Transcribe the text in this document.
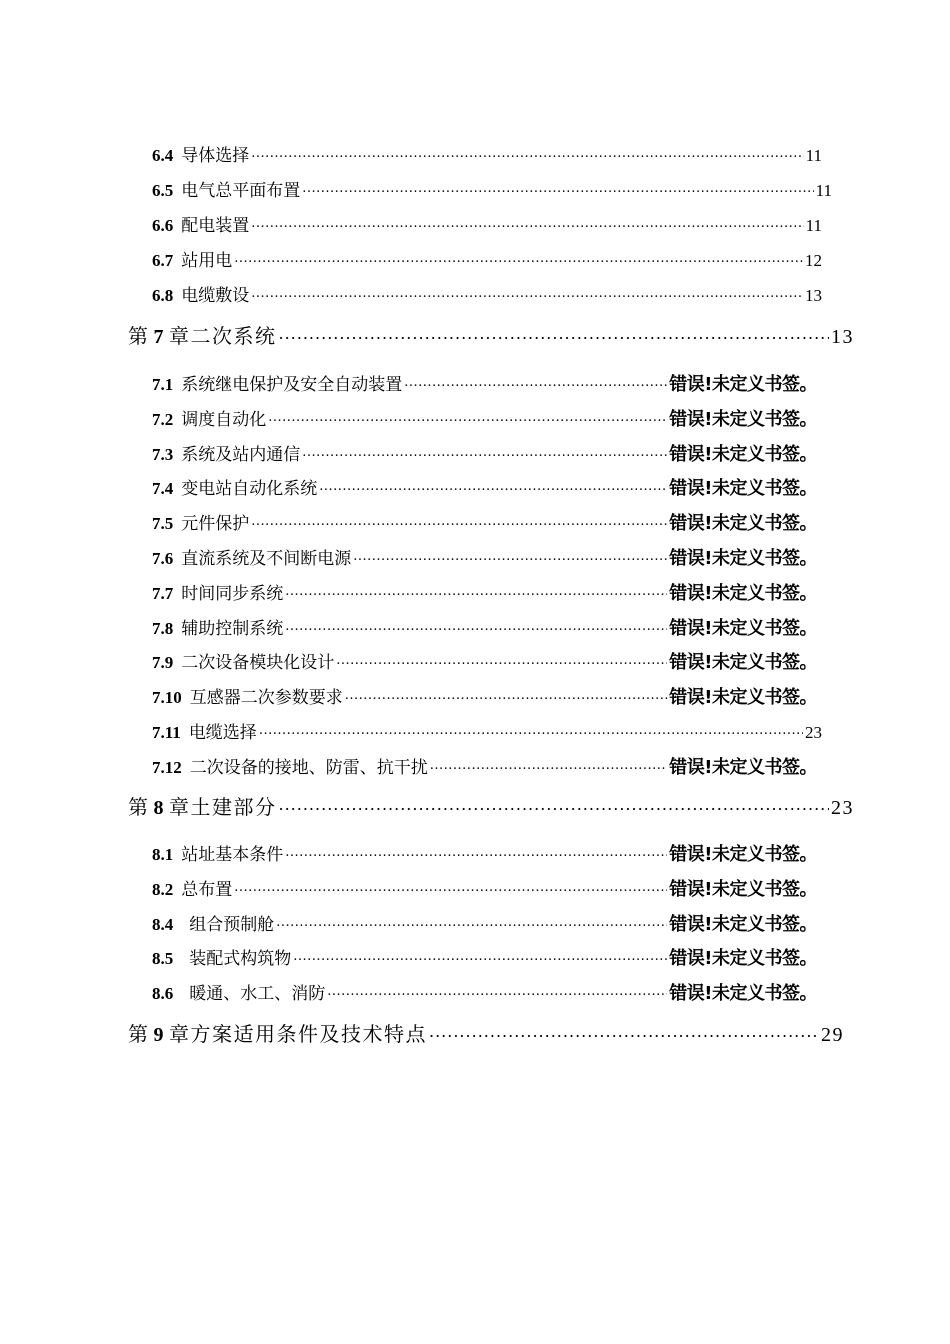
6.4 导体选择 .....	11
6.5 电气总平面布置 .....	11
6.6 配电装置 .....	11
6.7 站用电 .....	12
6.8 电缆敷设 .....	13
第 7 章二次系统 .....	13
7.1 系统继电保护及安全自动装置 .....	错误!未定义书签。
7.2 调度自动化 .....	错误!未定义书签。
7.3 系统及站内通信 .....	错误!未定义书签。
7.4 变电站自动化系统 .....	错误!未定义书签。
7.5 元件保护 .....	错误!未定义书签。
7.6 直流系统及不间断电源 .....	错误!未定义书签。
7.7 时间同步系统 .....	错误!未定义书签。
7.8 辅助控制系统 .....	错误!未定义书签。
7.9 二次设备模块化设计 .....	错误!未定义书签。
7.10 互感器二次参数要求 .....	错误!未定义书签。
7.11 电缆选择 .....	23
7.12 二次设备的接地、防雷、抗干扰 .....	错误!未定义书签。
第 8 章土建部分 .....	23
8.1 站址基本条件 .....	错误!未定义书签。
8.2 总布置 .....	错误!未定义书签。
8.4 组合预制舱 .....	错误!未定义书签。
8.5 装配式构筑物 .....	错误!未定义书签。
8.6 暖通、水工、消防 .....	错误!未定义书签。
第 9 章方案适用条件及技术特点 .....	29
